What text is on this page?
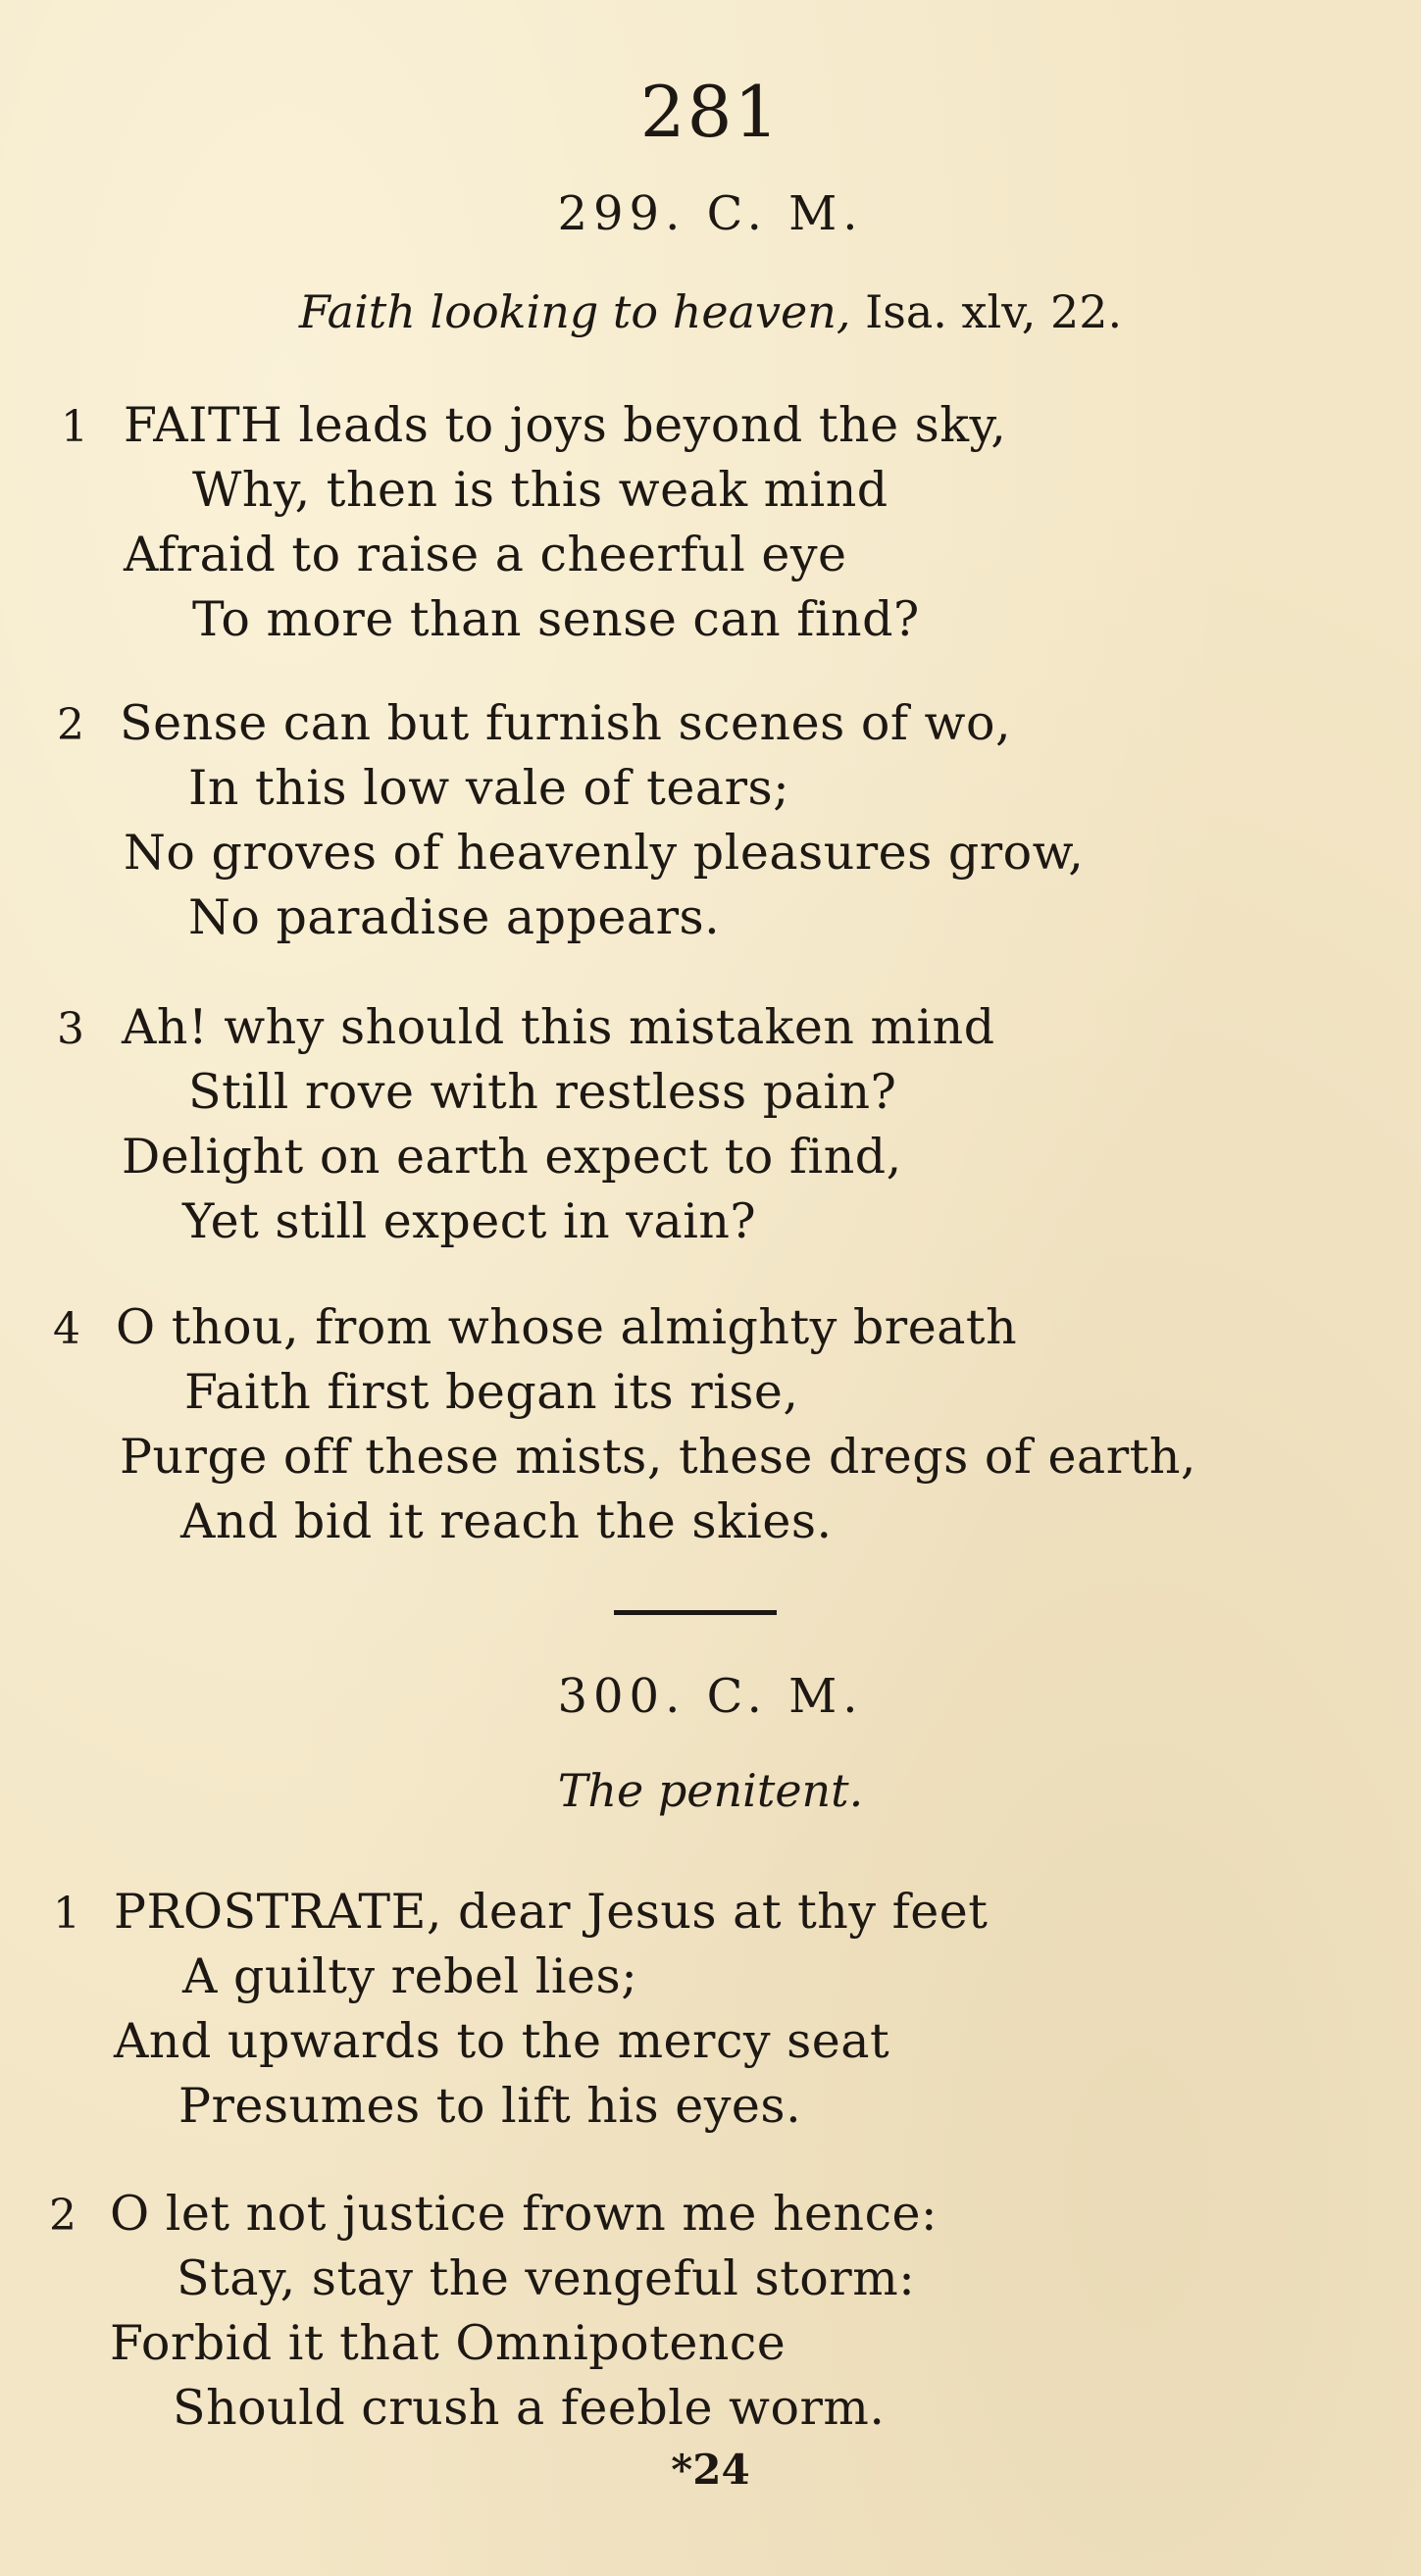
281
299. C. M.
Faith looking to heaven, Isa. xlv, 22.
1 FAITH leads to joys beyond the sky,
Why, then is this weak mind
Afraid to raise a cheerful eye
To more than sense can find?
2 Sense can but furnish scenes of wo,
In this low vale of tears;
No groves of heavenly pleasures grow,
No paradise appears.
3 Ah! why should this mistaken mind
Still rove with restless pain?
Delight on earth expect to find,
Yet still expect in vain?
4 O thou, from whose almighty breath
Faith first began its rise,
Purge off these mists, these dregs of earth,
And bid it reach the skies.
300. C. M.
The penitent.
1 PROSTRATE, dear Jesus at thy feet
A guilty rebel lies;
And upwards to the mercy seat
Presumes to lift his eyes.
2 O let not justice frown me hence:
Stay, stay the vengeful storm:
Forbid it that Omnipotence
Should crush a feeble worm.
*24
